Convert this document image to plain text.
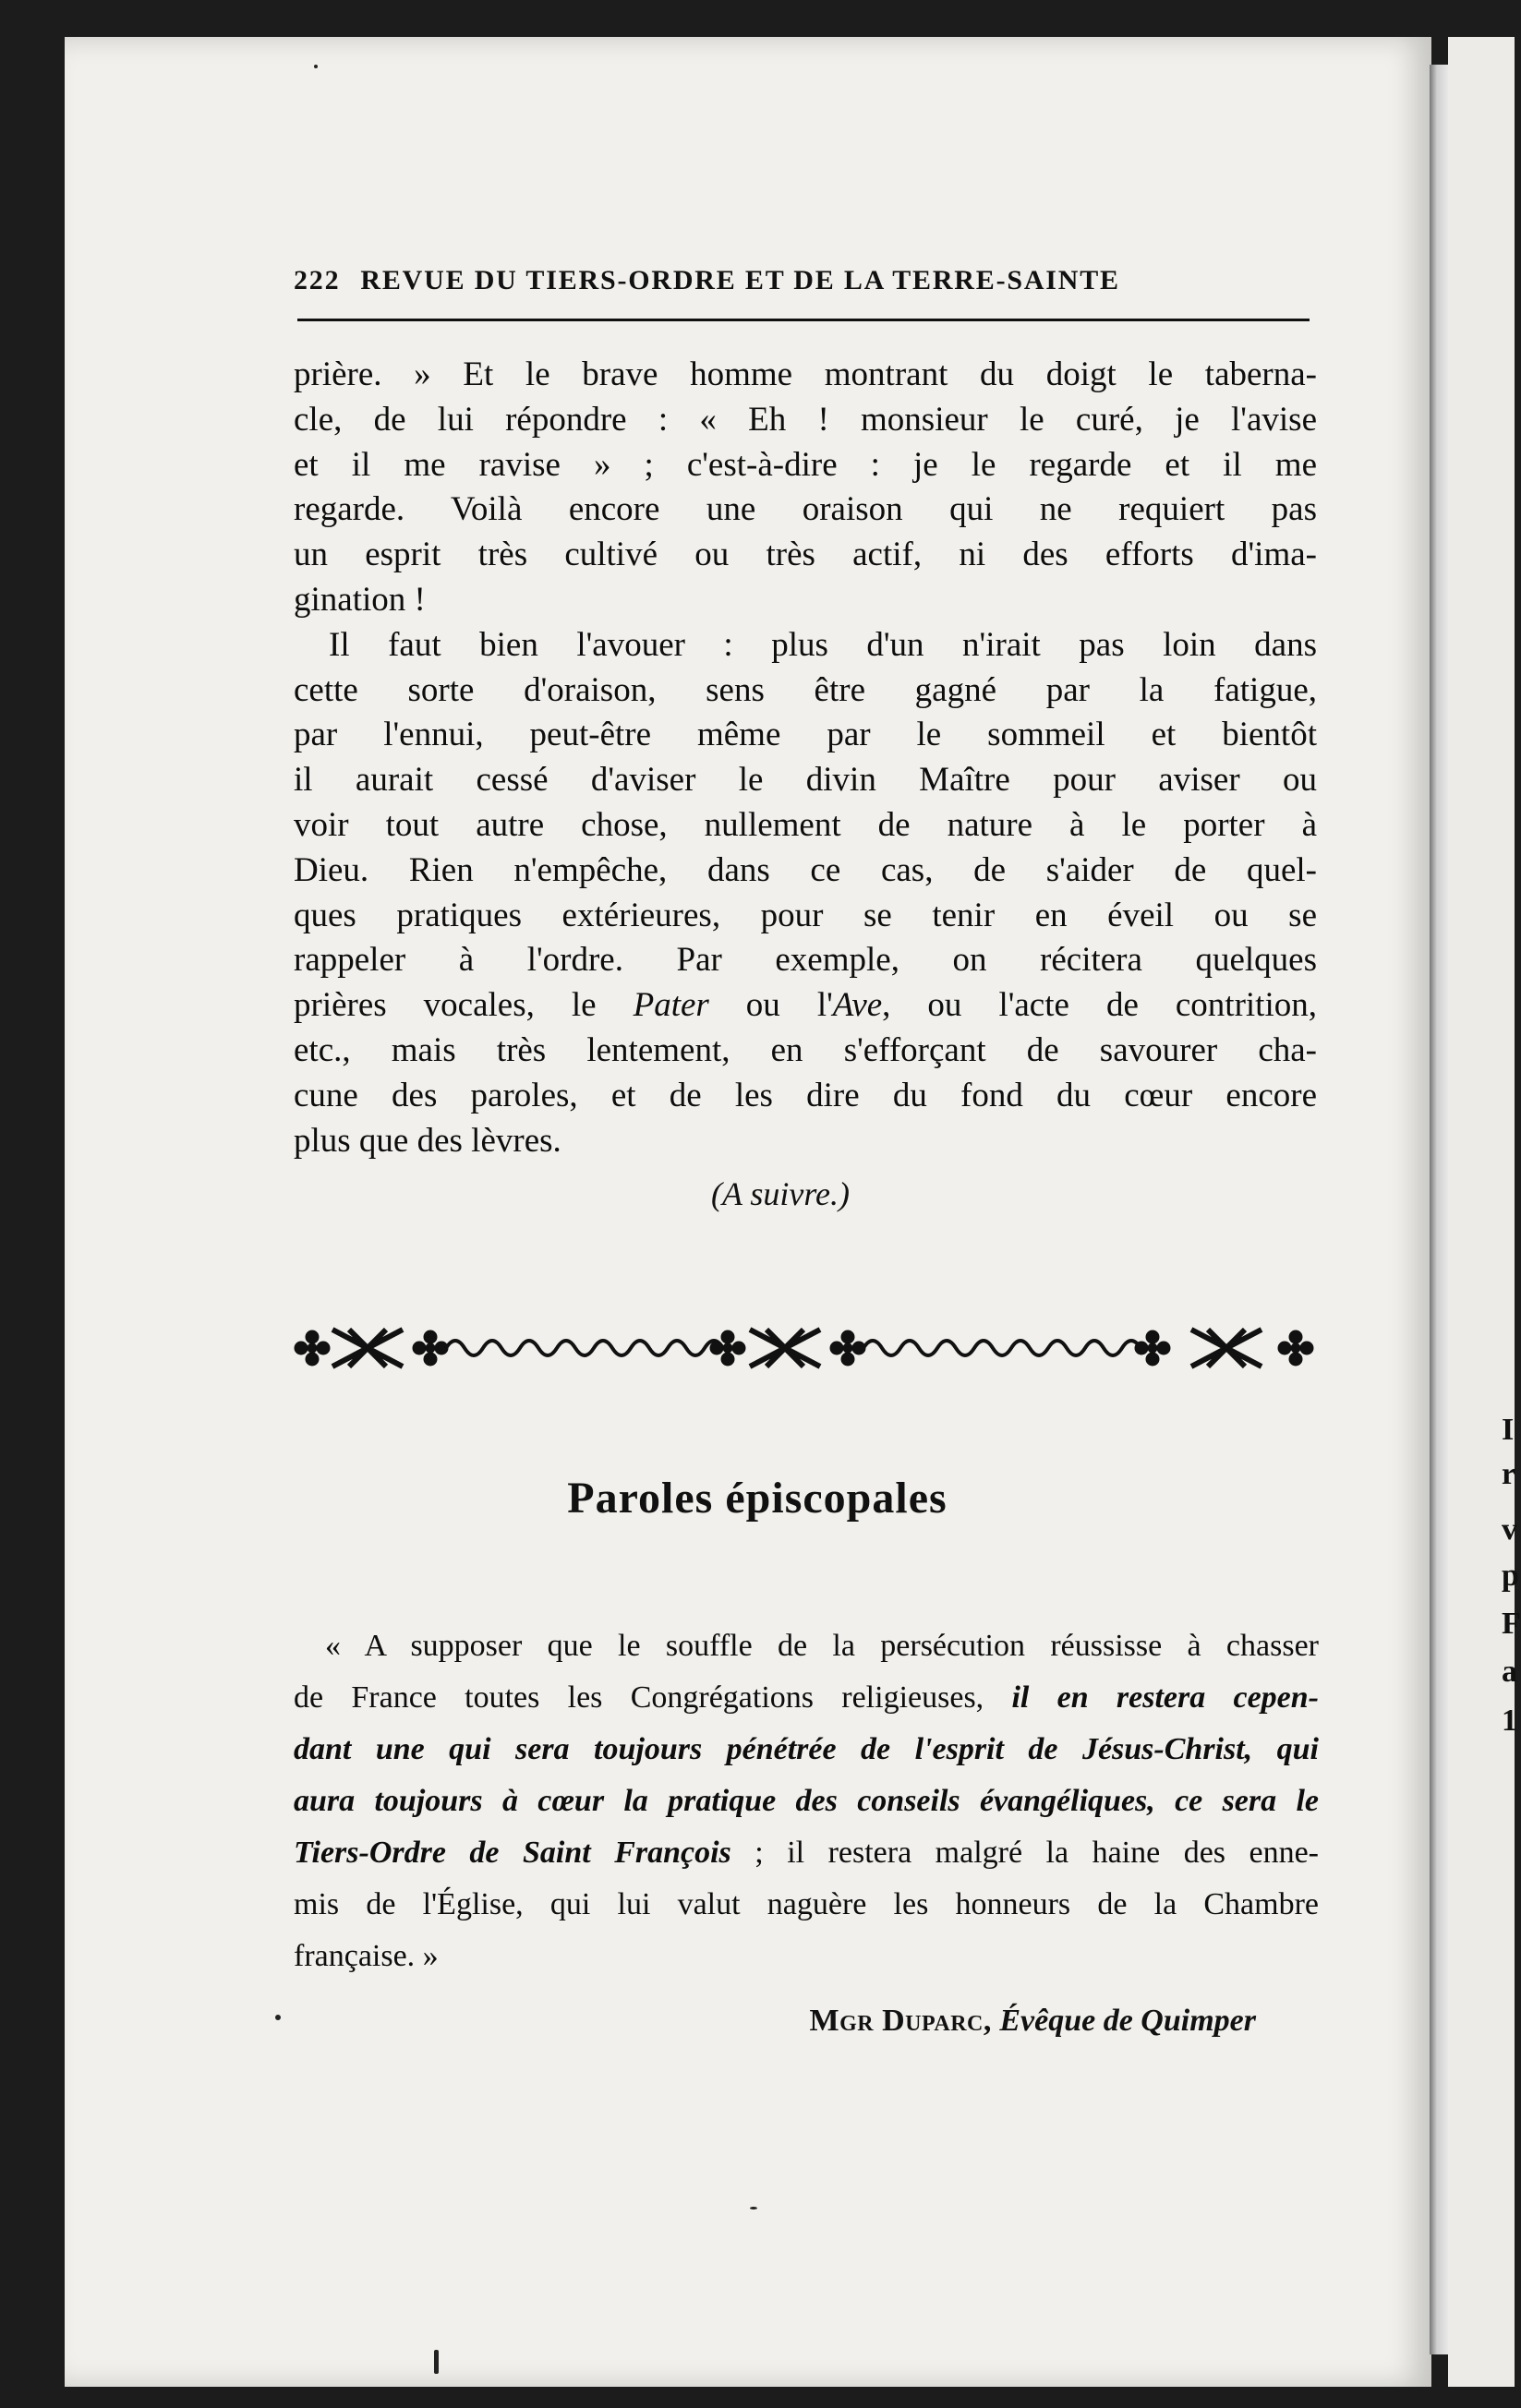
I
r
v
p
F
a
1
222 REVUE DU TIERS-ORDRE ET DE LA TERRE-SAINTE
prière. » Et le brave homme montrant du doigt le taberna-
cle, de lui répondre : « Eh ! monsieur le curé, je l'avise
et il me ravise » ; c'est-à-dire : je le regarde et il me
regarde. Voilà encore une oraison qui ne requiert pas
un esprit très cultivé ou très actif, ni des efforts d'ima-
gination !
Il faut bien l'avouer : plus d'un n'irait pas loin dans
cette sorte d'oraison, sens être gagné par la fatigue,
par l'ennui, peut-être même par le sommeil et bientôt
il aurait cessé d'aviser le divin Maître pour aviser ou
voir tout autre chose, nullement de nature à le porter à
Dieu. Rien n'empêche, dans ce cas, de s'aider de quel-
ques pratiques extérieures, pour se tenir en éveil ou se
rappeler à l'ordre. Par exemple, on récitera quelques
prières vocales, le Pater ou l'Ave, ou l'acte de contrition,
etc., mais très lentement, en s'efforçant de savourer cha-
cune des paroles, et de les dire du fond du cœur encore
plus que des lèvres.
(A suivre.)
Paroles épiscopales
« A supposer que le souffle de la persécution réussisse à chasser
de France toutes les Congrégations religieuses, il en restera cepen-
dant une qui sera toujours pénétrée de l'esprit de Jésus-Christ, qui
aura toujours à cœur la pratique des conseils évangéliques, ce sera le
Tiers-Ordre de Saint François ; il restera malgré la haine des enne-
mis de l'Église, qui lui valut naguère les honneurs de la Chambre
française. »
Mgr Duparc, Évêque de Quimper
